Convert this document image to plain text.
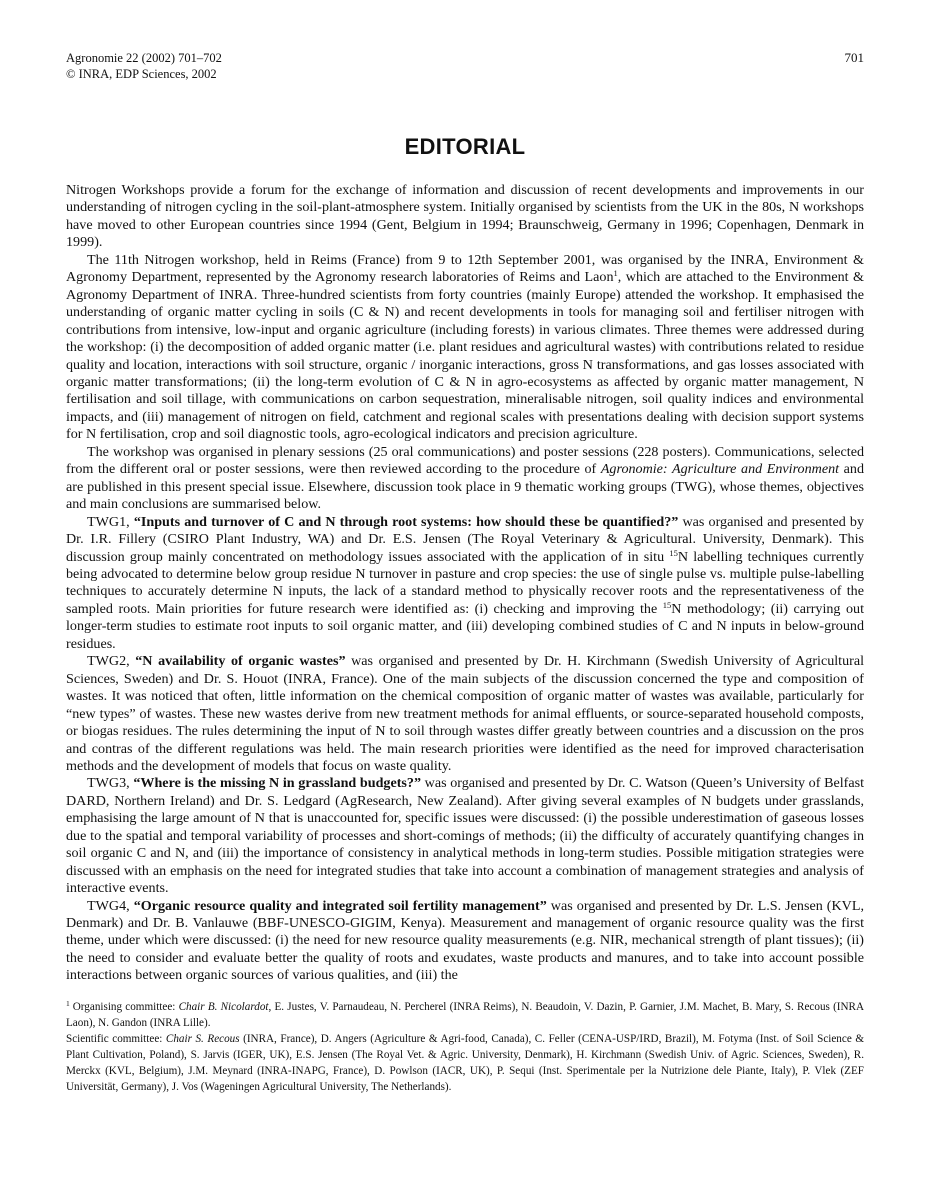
Agronomie 22 (2002) 701–702
© INRA, EDP Sciences, 2002
701
EDITORIAL

Nitrogen Workshops provide a forum for the exchange of information and discussion of recent developments and improvements in our understanding of nitrogen cycling in the soil-plant-atmosphere system. Initially organised by scientists from the UK in the 80s, N workshops have moved to other European countries since 1994 (Gent, Belgium in 1994; Braunschweig, Germany in 1996; Copenhagen, Denmark in 1999).

The 11th Nitrogen workshop, held in Reims (France) from 9 to 12th September 2001, was organised by the INRA, Environment & Agronomy Department, represented by the Agronomy research laboratories of Reims and Laon$^1$, which are attached to the Environment & Agronomy Department of INRA. Three-hundred scientists from forty countries (mainly Europe) attended the workshop. It emphasised the understanding of organic matter cycling in soils (C & N) and recent developments in tools for managing soil and fertiliser nitrogen with contributions from intensive, low-input and organic agriculture (including forests) in various climates. Three themes were addressed during the workshop: (i) the decomposition of added organic matter (i.e. plant residues and agricultural wastes) with contributions related to residue quality and location, interactions with soil structure, organic / inorganic interactions, gross N transformations, and gas losses associated with organic matter transformations; (ii) the long-term evolution of C & N in agro-ecosystems as affected by organic matter management, N fertilisation and soil tillage, with communications on carbon sequestration, mineralisable nitrogen, soil quality indices and environmental impacts, and (iii) management of nitrogen on field, catchment and regional scales with presentations dealing with decision support systems for N fertilisation, crop and soil diagnostic tools, agro-ecological indicators and precision agriculture.

The workshop was organised in plenary sessions (25 oral communications) and poster sessions (228 posters). Communications, selected from the different oral or poster sessions, were then reviewed according to the procedure of Agronomie: Agriculture and Environment and are published in this present special issue. Elsewhere, discussion took place in 9 thematic working groups (TWG), whose themes, objectives and main conclusions are summarised below.

TWG1, “Inputs and turnover of C and N through root systems: how should these be quantified?” was organised and presented by Dr. I.R. Fillery (CSIRO Plant Industry, WA) and Dr. E.S. Jensen (The Royal Veterinary & Agricultural. University, Denmark). This discussion group mainly concentrated on methodology issues associated with the application of in situ $^{15}$N labelling techniques currently being advocated to determine below group residue N turnover in pasture and crop species: the use of single pulse vs. multiple pulse-labelling techniques to accurately determine N inputs, the lack of a standard method to physically recover roots and the representativeness of the sampled roots. Main priorities for future research were identified as: (i) checking and improving the $^{15}$N methodology; (ii) carrying out longer-term studies to estimate root inputs to soil organic matter, and (iii) developing combined studies of C and N inputs in below-ground residues.

TWG2, “N availability of organic wastes” was organised and presented by Dr. H. Kirchmann (Swedish University of Agricultural Sciences, Sweden) and Dr. S. Houot (INRA, France). One of the main subjects of the discussion concerned the type and composition of wastes. It was noticed that often, little information on the chemical composition of organic matter of wastes was available, particularly for “new types” of wastes. These new wastes derive from new treatment methods for animal effluents, or source-separated household composts, or biogas residues. The rules determining the input of N to soil through wastes differ greatly between countries and a discussion on the pros and contras of the different regulations was held. The main research priorities were identified as the need for improved characterisation methods and the development of models that focus on waste quality.

TWG3, “Where is the missing N in grassland budgets?” was organised and presented by Dr. C. Watson (Queen’s University of Belfast DARD, Northern Ireland) and Dr. S. Ledgard (AgResearch, New Zealand). After giving several examples of N budgets under grasslands, emphasising the large amount of N that is unaccounted for, specific issues were discussed: (i) the possible underestimation of gaseous losses due to the spatial and temporal variability of processes and short-comings of methods; (ii) the difficulty of accurately quantifying changes in soil organic C and N, and (iii) the importance of consistency in analytical methods in long-term studies. Possible mitigation strategies were discussed with an emphasis on the need for integrated studies that take into account a combination of management strategies and analysis of interactive events.

TWG4, “Organic resource quality and integrated soil fertility management” was organised and presented by Dr. L.S. Jensen (KVL, Denmark) and Dr. B. Vanlauwe (BBF-UNESCO-GIGIM, Kenya). Measurement and management of organic resource quality was the first theme, under which were discussed: (i) the need for new resource quality measurements (e.g. NIR, mechanical strength of plant tissues); (ii) the need to consider and evaluate better the quality of roots and exudates, waste products and manures, and to take into account possible interactions between organic sources of various qualities, and (iii) the

$^1$ Organising committee: Chair B. Nicolardot, E. Justes, V. Parnaudeau, N. Percherel (INRA Reims), N. Beaudoin, V. Dazin, P. Garnier, J.M. Machet, B. Mary, S. Recous (INRA Laon), N. Gandon (INRA Lille).

Scientific committee: Chair S. Recous (INRA, France), D. Angers (Agriculture & Agri-food, Canada), C. Feller (CENA-USP/IRD, Brazil), M. Fotyma (Inst. of Soil Science & Plant Cultivation, Poland), S. Jarvis (IGER, UK), E.S. Jensen (The Royal Vet. & Agric. University, Denmark), H. Kirchmann (Swedish Univ. of Agric. Sciences, Sweden), R. Merckx (KVL, Belgium), J.M. Meynard (INRA-INAPG, France), D. Powlson (IACR, UK), P. Sequi (Inst. Sperimentale per la Nutrizione dele Piante, Italy), P. Vlek (ZEF Universität, Germany), J. Vos (Wageningen Agricultural University, The Netherlands).
